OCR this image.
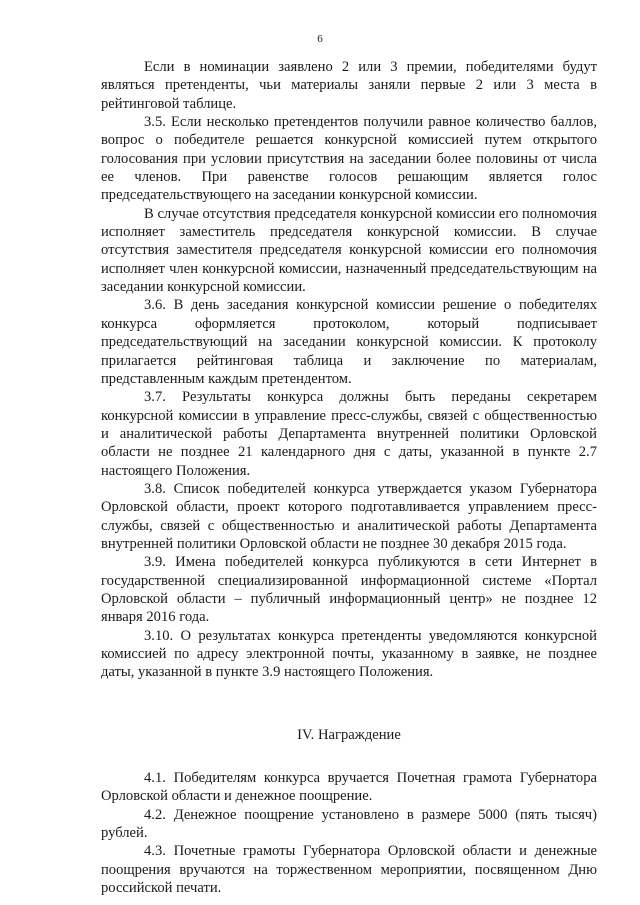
6

Если в номинации заявлено 2 или 3 премии, победителями будут являться претенденты, чьи материалы заняли первые 2 или 3 места в рейтинговой таблице.

3.5. Если несколько претендентов получили равное количество баллов, вопрос о победителе решается конкурсной комиссией путем открытого голосования при условии присутствия на заседании более половины от числа ее членов. При равенстве голосов решающим является голос председательствующего на заседании конкурсной комиссии.

В случае отсутствия председателя конкурсной комиссии его полномочия исполняет заместитель председателя конкурсной комиссии. В случае отсутствия заместителя председателя конкурсной комиссии его полномочия исполняет член конкурсной комиссии, назначенный председательствующим на заседании конкурсной комиссии.

3.6. В день заседания конкурсной комиссии решение о победителях конкурса оформляется протоколом, который подписывает председательствующий на заседании конкурсной комиссии. К протоколу прилагается рейтинговая таблица и заключение по материалам, представленным каждым претендентом.

3.7. Результаты конкурса должны быть переданы секретарем конкурсной комиссии в управление пресс-службы, связей с общественностью и аналитической работы Департамента внутренней политики Орловской области не позднее 21 календарного дня с даты, указанной в пункте 2.7 настоящего Положения.

3.8. Список победителей конкурса утверждается указом Губернатора Орловской области, проект которого подготавливается управлением пресс-службы, связей с общественностью и аналитической работы Департамента внутренней политики Орловской области не позднее 30 декабря 2015 года.

3.9. Имена победителей конкурса публикуются в сети Интернет в государственной специализированной информационной системе «Портал Орловской области – публичный информационный центр» не позднее 12 января 2016 года.

3.10. О результатах конкурса претенденты уведомляются конкурсной комиссией по адресу электронной почты, указанному в заявке, не позднее даты, указанной в пункте 3.9 настоящего Положения.

IV. Награждение

4.1. Победителям конкурса вручается Почетная грамота Губернатора Орловской области и денежное поощрение.

4.2. Денежное поощрение установлено в размере 5000 (пять тысяч) рублей.

4.3. Почетные грамоты Губернатора Орловской области и денежные поощрения вручаются на торжественном мероприятии, посвященном Дню российской печати.
